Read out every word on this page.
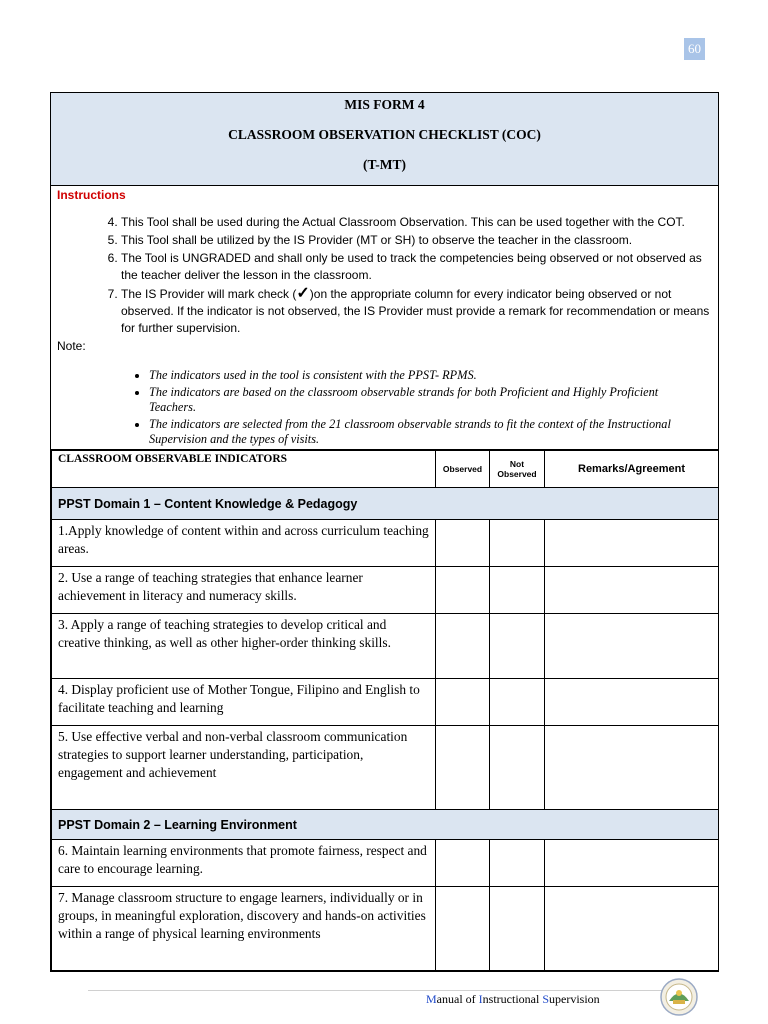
60
MIS FORM 4
CLASSROOM OBSERVATION CHECKLIST (COC)
(T-MT)
Instructions
4. This Tool shall be used during the Actual Classroom Observation. This can be used together with the COT.
5. This Tool shall be utilized by the IS Provider (MT or SH) to observe the teacher in the classroom.
6. The Tool is UNGRADED and shall only be used to track the competencies being observed or not observed as the teacher deliver the lesson in the classroom.
7. The IS Provider will mark check (✓)on the appropriate column for every indicator being observed or not observed. If the indicator is not observed, the IS Provider must provide a remark for recommendation or means for further supervision.
Note:
• The indicators used in the tool is consistent with the PPST- RPMS.
• The indicators are based on the classroom observable strands for both Proficient and Highly Proficient Teachers.
• The indicators are selected from the 21 classroom observable strands to fit the context of the Instructional Supervision and the types of visits.
CLASSROOM OBSERVABLE INDICATORS	Observed	Not Observed	Remarks/Agreement
PPST Domain 1 – Content Knowledge & Pedagogy			
1.Apply knowledge of content within and across curriculum teaching areas.			
2. Use a range of teaching strategies that enhance learner achievement in literacy and numeracy skills.			
3. Apply a range of teaching strategies to develop critical and creative thinking, as well as other higher-order thinking skills.			
4. Display proficient use of Mother Tongue, Filipino and English to facilitate teaching and learning			
5. Use effective verbal and non-verbal classroom communication strategies to support learner understanding, participation, engagement and achievement			
PPST Domain 2 – Learning Environment			
6. Maintain learning environments that promote fairness, respect and care to encourage learning.			
7. Manage classroom structure to engage learners, individually or in groups, in meaningful exploration, discovery and hands-on activities within a range of physical learning environments			
Manual of Instructional Supervision
